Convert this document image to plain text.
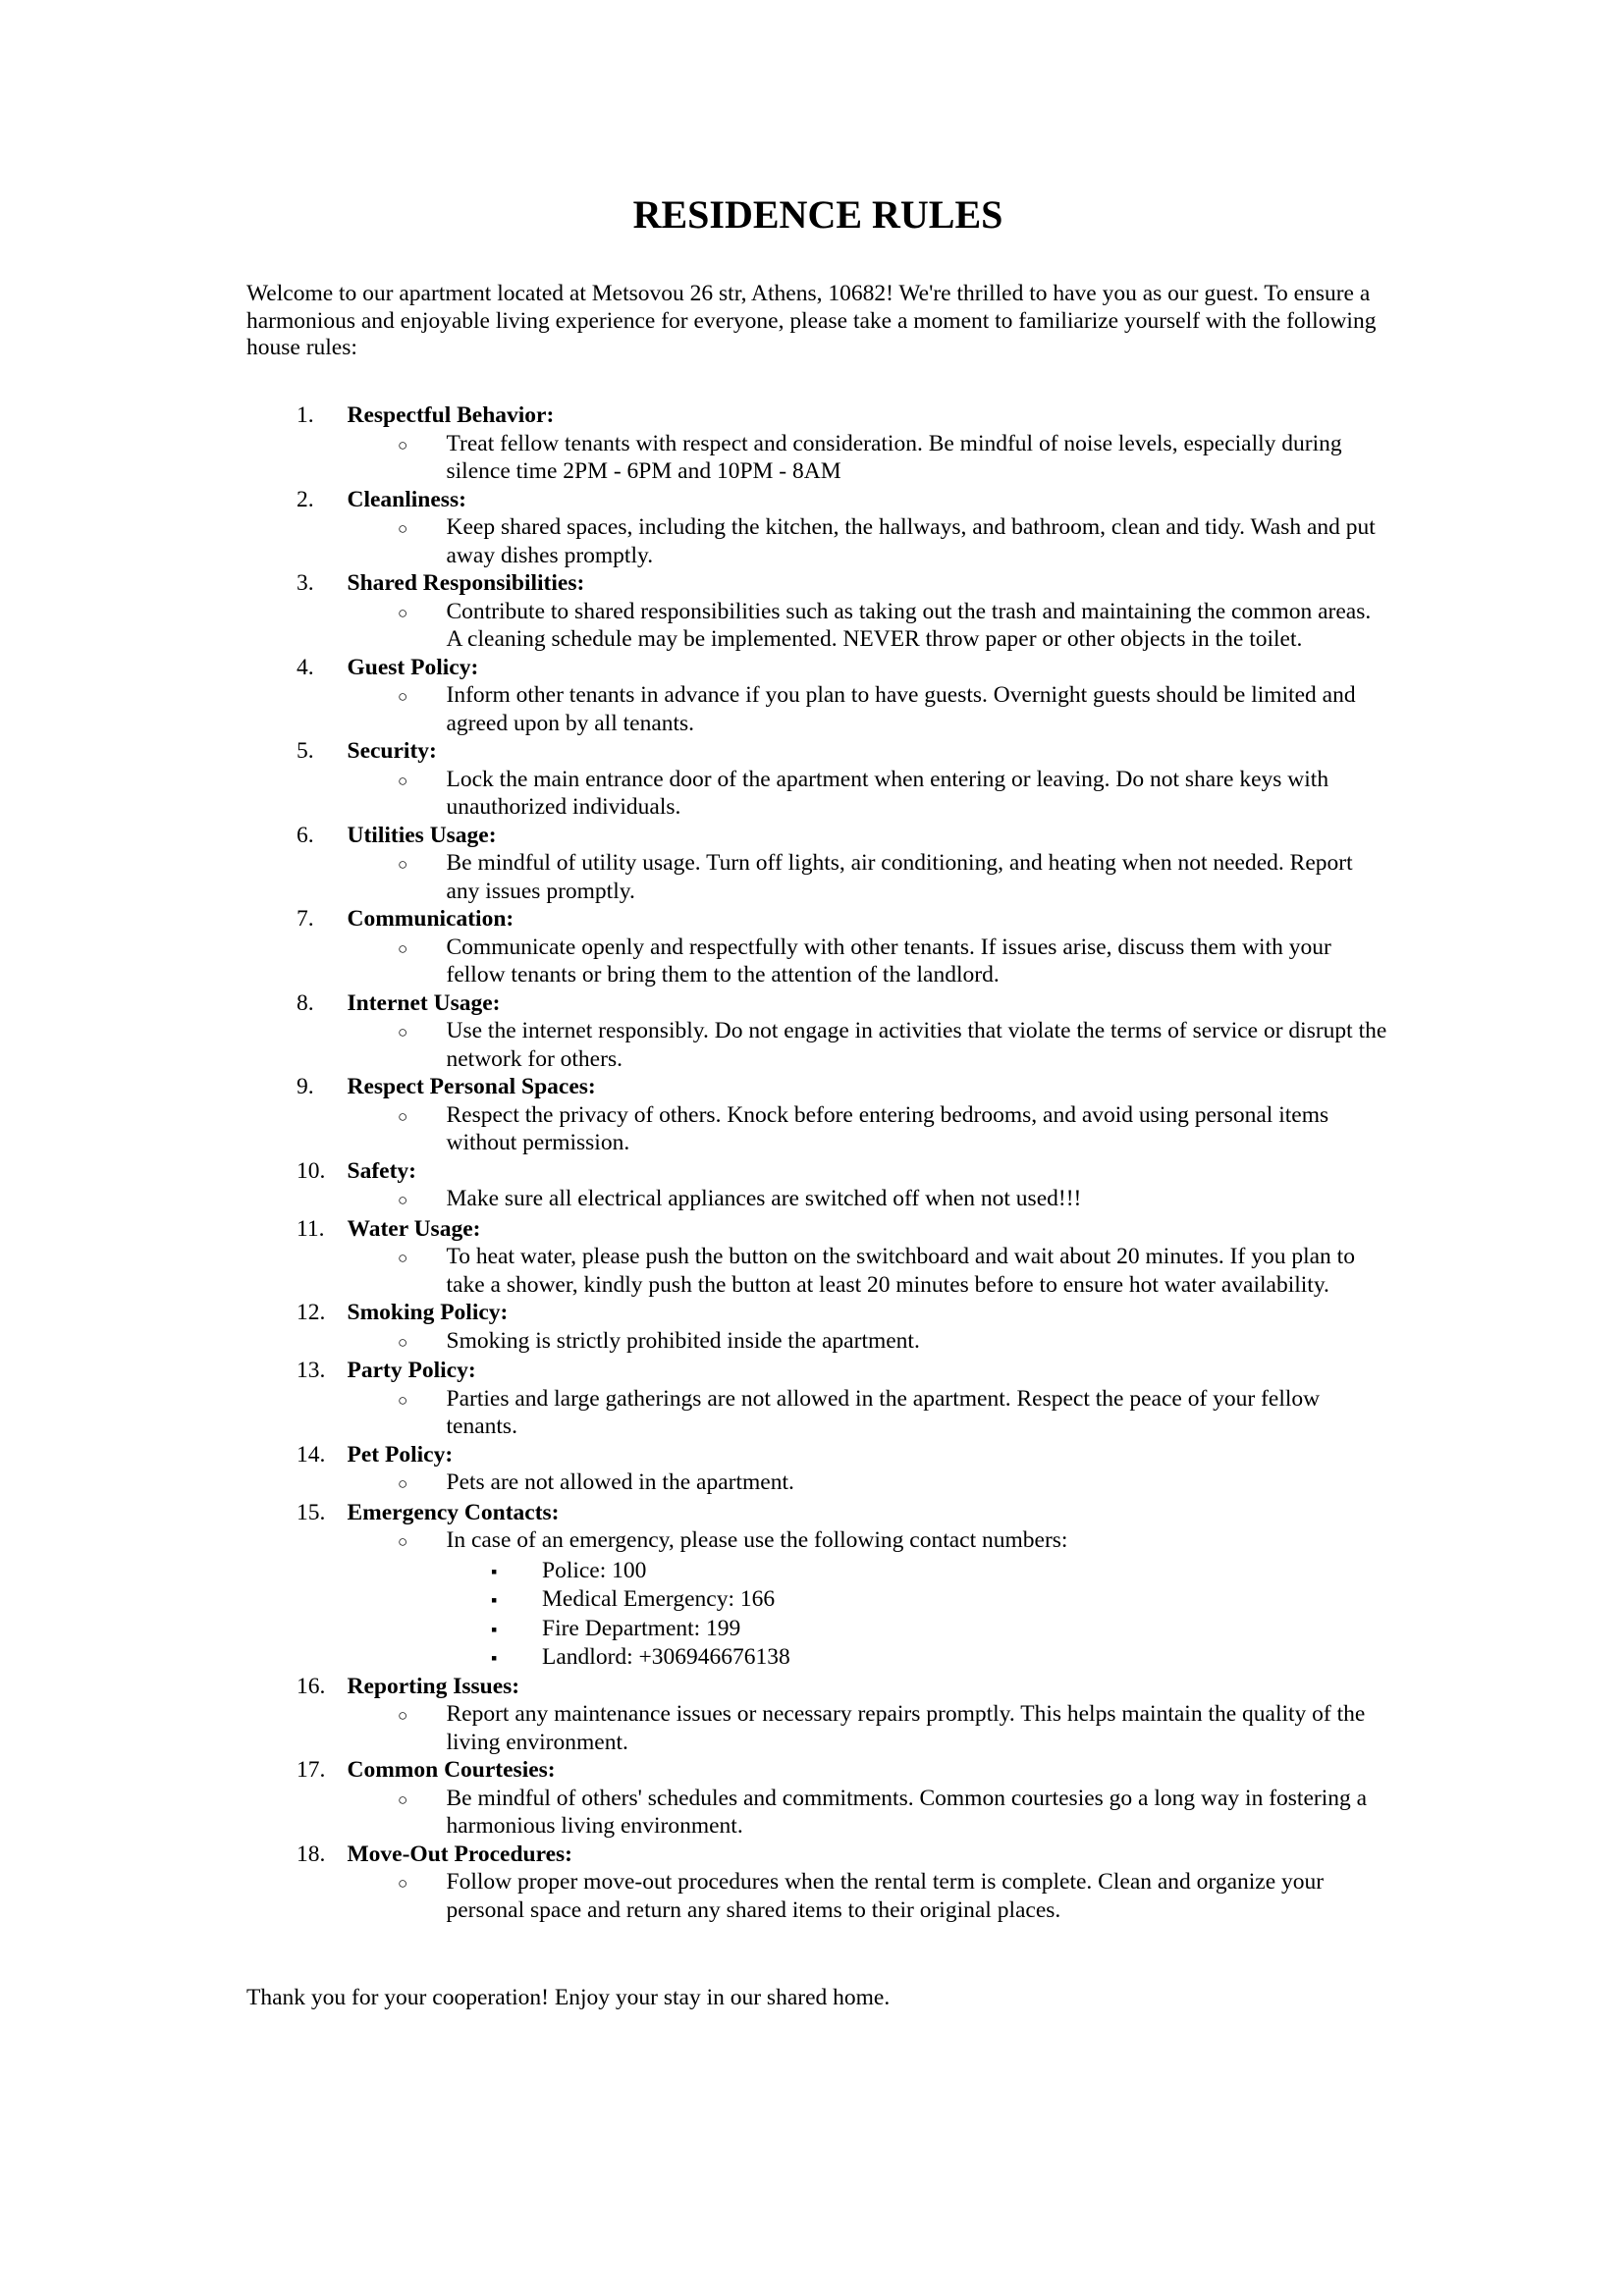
RESIDENCE RULES

Welcome to our apartment located at Metsovou 26 str, Athens, 10682! We're thrilled to have you as our guest. To ensure a harmonious and enjoyable living experience for everyone, please take a moment to familiarize yourself with the following house rules:

1. Respectful Behavior:
○	Treat fellow tenants with respect and consideration. Be mindful of noise levels, especially during silence time 2PM - 6PM and 10PM - 8AM
2. Cleanliness:
○	Keep shared spaces, including the kitchen, the hallways, and bathroom, clean and tidy. Wash and put away dishes promptly.
3. Shared Responsibilities:
○	Contribute to shared responsibilities such as taking out the trash and maintaining the common areas. A cleaning schedule may be implemented. NEVER throw paper or other objects in the toilet.
4. Guest Policy:
○	Inform other tenants in advance if you plan to have guests. Overnight guests should be limited and agreed upon by all tenants.
5. Security:
○	Lock the main entrance door of the apartment when entering or leaving. Do not share keys with unauthorized individuals.
6. Utilities Usage:
○	Be mindful of utility usage. Turn off lights, air conditioning, and heating when not needed. Report any issues promptly.
7. Communication:
○	Communicate openly and respectfully with other tenants. If issues arise, discuss them with your fellow tenants or bring them to the attention of the landlord.
8. Internet Usage:
○	Use the internet responsibly. Do not engage in activities that violate the terms of service or disrupt the network for others.
9. Respect Personal Spaces:
○	Respect the privacy of others. Knock before entering bedrooms, and avoid using personal items without permission.
10. Safety:
○	Make sure all electrical appliances are switched off when not used!!!
11. Water Usage:
○	To heat water, please push the button on the switchboard and wait about 20 minutes. If you plan to take a shower, kindly push the button at least 20 minutes before to ensure hot water availability.
12. Smoking Policy:
○	Smoking is strictly prohibited inside the apartment.
13. Party Policy:
○	Parties and large gatherings are not allowed in the apartment. Respect the peace of your fellow tenants.
14. Pet Policy:
○	Pets are not allowed in the apartment.
15. Emergency Contacts:
○	In case of an emergency, please use the following contact numbers:
▪	Police: 100
▪	Medical Emergency: 166
▪	Fire Department: 199
▪	Landlord: +306946676138
16. Reporting Issues:
○	Report any maintenance issues or necessary repairs promptly. This helps maintain the quality of the living environment.
17. Common Courtesies:
○	Be mindful of others' schedules and commitments. Common courtesies go a long way in fostering a harmonious living environment.
18. Move-Out Procedures:
○	Follow proper move-out procedures when the rental term is complete. Clean and organize your personal space and return any shared items to their original places.

Thank you for your cooperation! Enjoy your stay in our shared home.
